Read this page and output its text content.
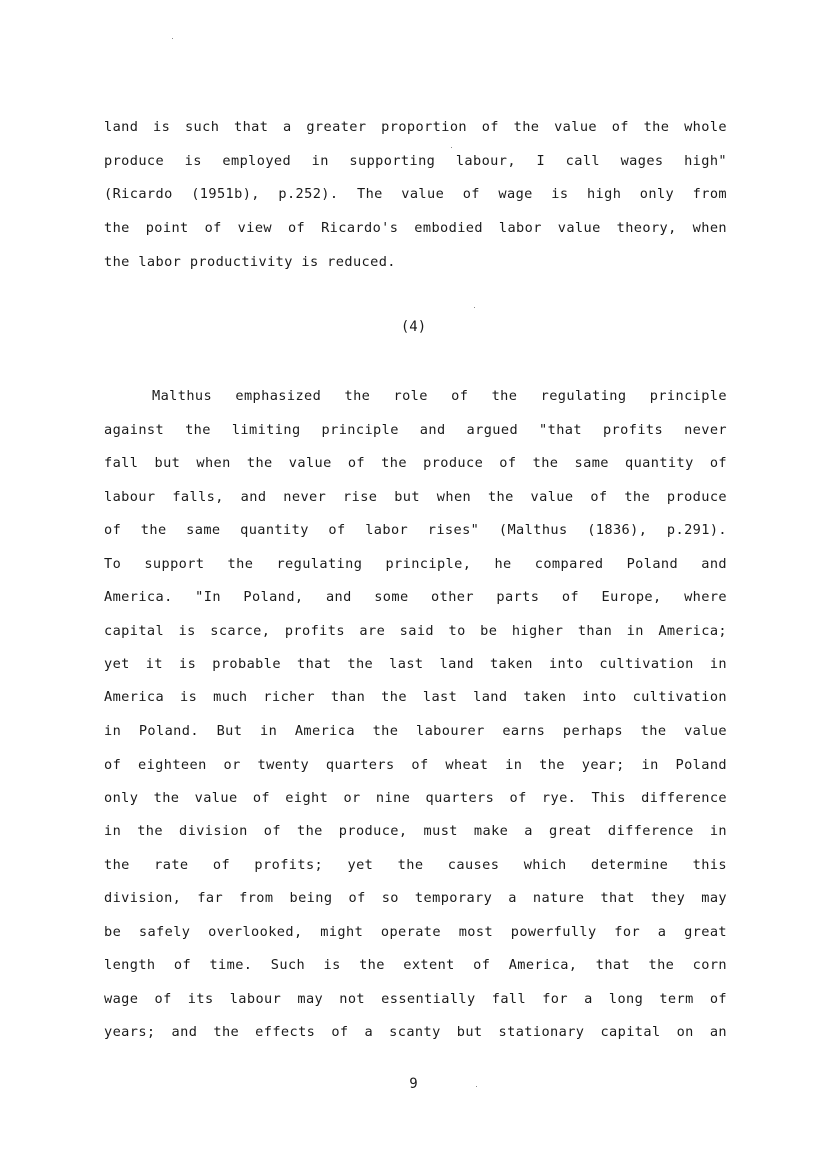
land is such that a greater proportion of the value of the whole
produce is employed in supporting labour, I call wages high"
(Ricardo (1951b), p.252). The value of wage is high only from
the point of view of Ricardo's embodied labor value theory, when
the labor productivity is reduced.
(4)
Malthus emphasized the role of the regulating principle
against the limiting principle and argued "that profits never
fall but when the value of the produce of the same quantity of
labour falls, and never rise but when the value of the produce
of the same quantity of labor rises" (Malthus (1836), p.291).
To support the regulating principle, he compared Poland and
America. "In Poland, and some other parts of Europe, where
capital is scarce, profits are said to be higher than in America;
yet it is probable that the last land taken into cultivation in
America is much richer than the last land taken into cultivation
in Poland. But in America the labourer earns perhaps the value
of eighteen or twenty quarters of wheat in the year; in Poland
only the value of eight or nine quarters of rye. This difference
in the division of the produce, must make a great difference in
the rate of profits; yet the causes which determine this
division, far from being of so temporary a nature that they may
be safely overlooked, might operate most powerfully for a great
length of time. Such is the extent of America, that the corn
wage of its labour may not essentially fall for a long term of
years; and the effects of a scanty but stationary capital on an
9
